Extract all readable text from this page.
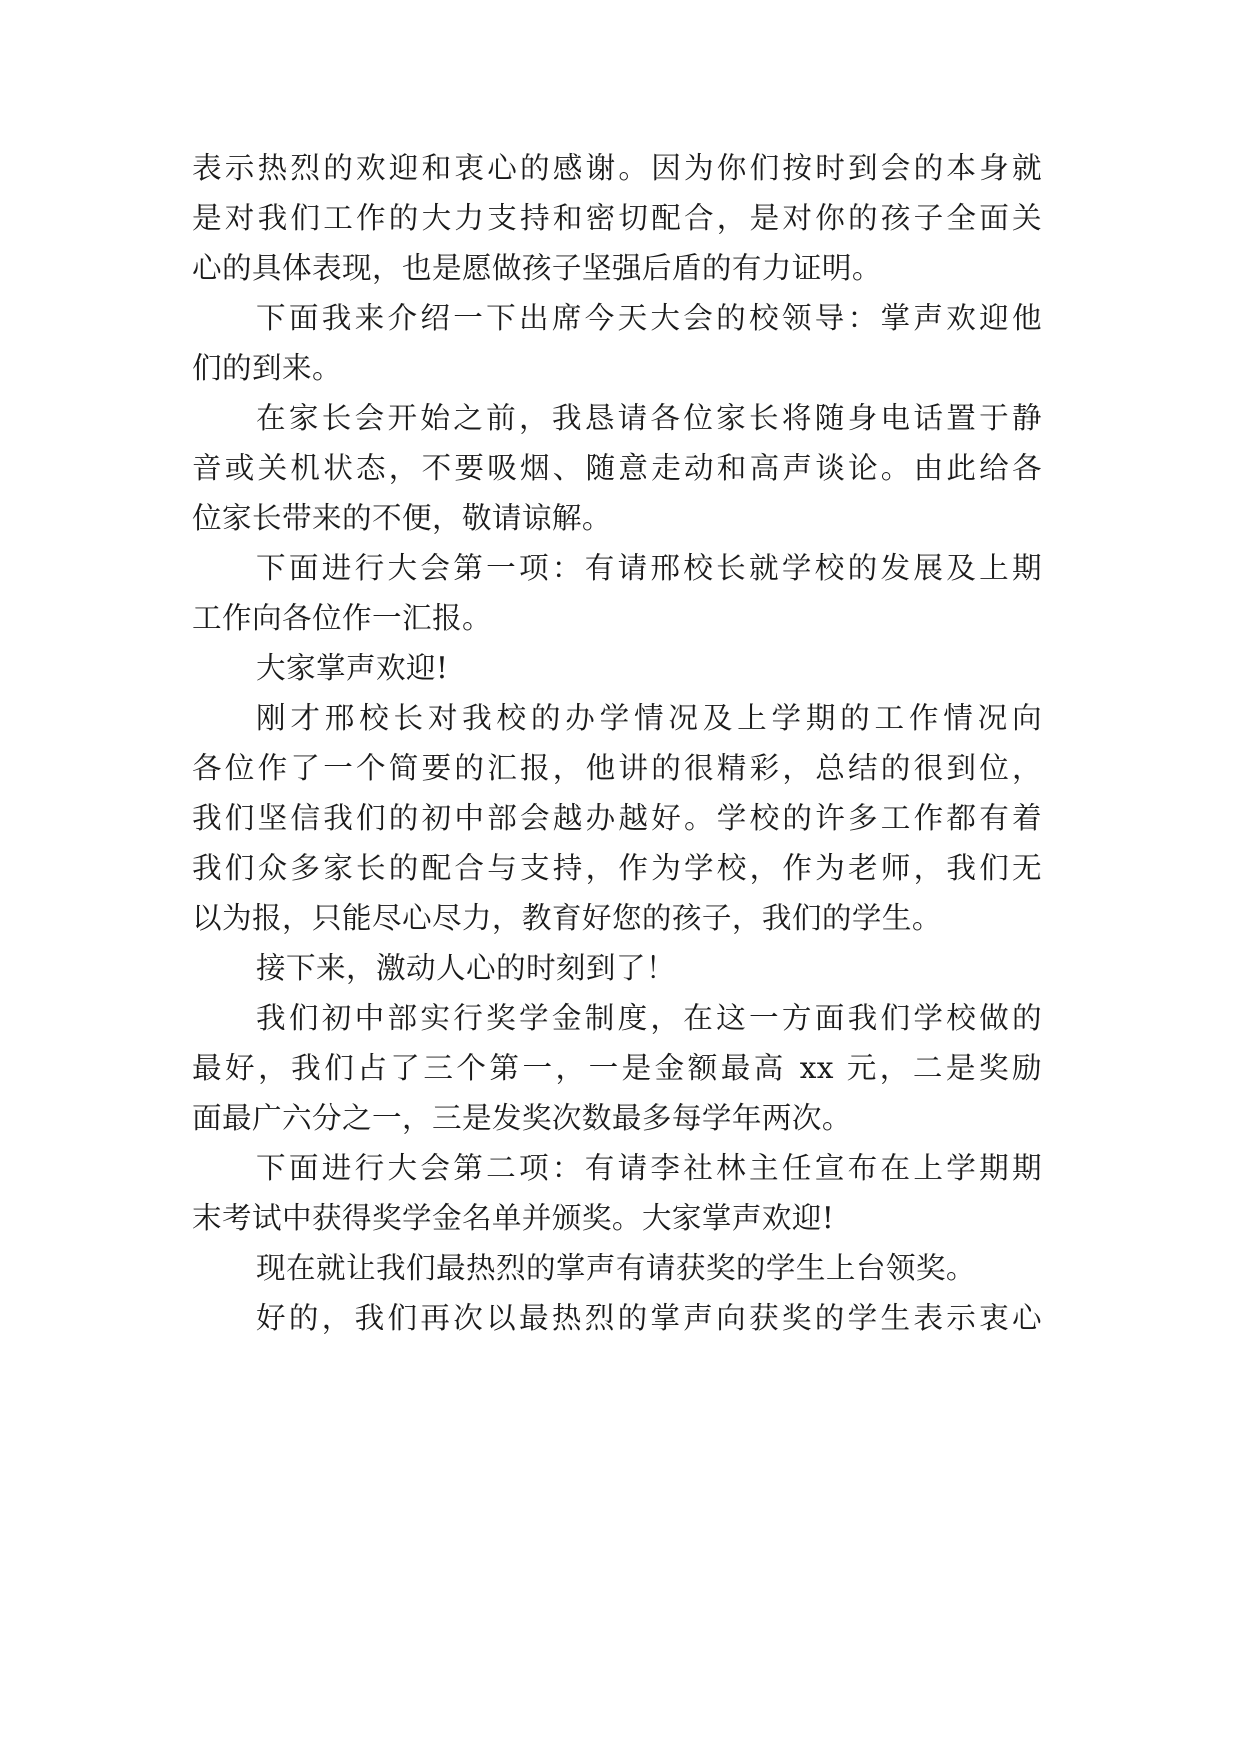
表示热烈的欢迎和衷心的感谢。因为你们按时到会的本身就
是对我们工作的大力支持和密切配合，是对你的孩子全面关
心的具体表现，也是愿做孩子坚强后盾的有力证明。
下面我来介绍一下出席今天大会的校领导：掌声欢迎他
们的到来。
在家长会开始之前，我恳请各位家长将随身电话置于静
音或关机状态，不要吸烟、随意走动和高声谈论。由此给各
位家长带来的不便，敬请谅解。
下面进行大会第一项：有请邢校长就学校的发展及上期
工作向各位作一汇报。
大家掌声欢迎!
刚才邢校长对我校的办学情况及上学期的工作情况向
各位作了一个简要的汇报，他讲的很精彩，总结的很到位，
我们坚信我们的初中部会越办越好。学校的许多工作都有着
我们众多家长的配合与支持，作为学校，作为老师，我们无
以为报，只能尽心尽力，教育好您的孩子，我们的学生。
接下来，激动人心的时刻到了！
我们初中部实行奖学金制度，在这一方面我们学校做的
最好，我们占了三个第一，一是金额最高 xx 元，二是奖励
面最广六分之一，三是发奖次数最多每学年两次。
下面进行大会第二项：有请李社林主任宣布在上学期期
末考试中获得奖学金名单并颁奖。大家掌声欢迎!
现在就让我们最热烈的掌声有请获奖的学生上台领奖。
好的，我们再次以最热烈的掌声向获奖的学生表示衷心
